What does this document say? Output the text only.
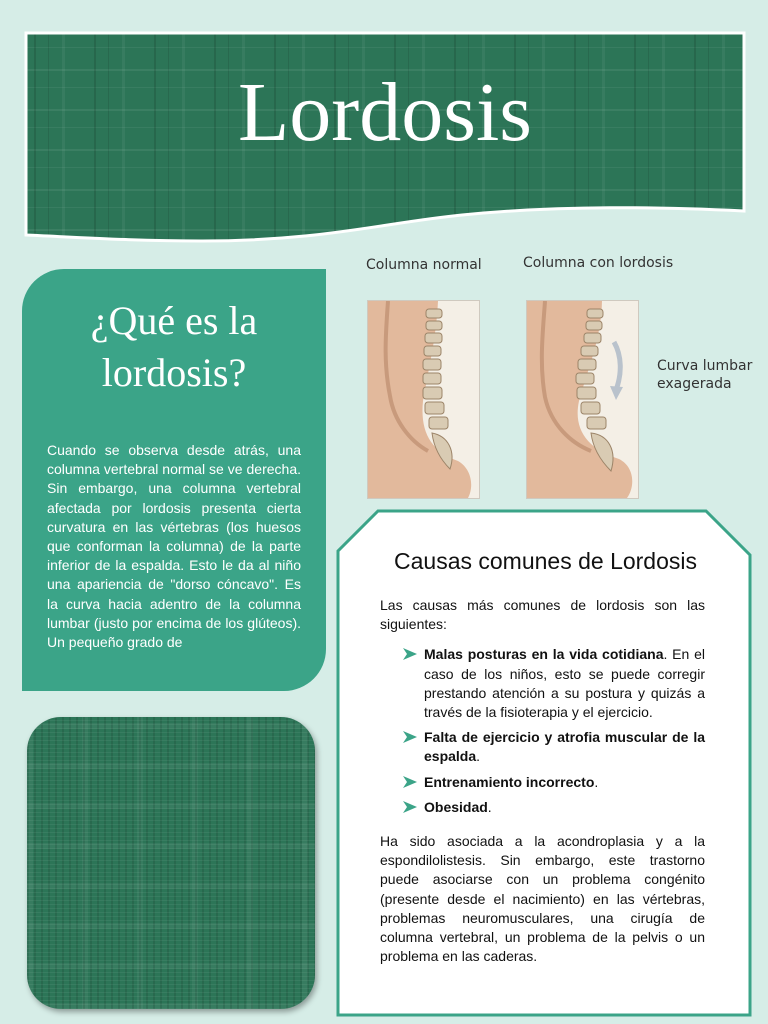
Lordosis
¿Qué es la lordosis?
Cuando se observa desde atrás, una columna vertebral normal se ve derecha. Sin embargo, una columna vertebral afectada por lordosis presenta cierta curvatura en las vértebras (los huesos que conforman la columna) de la parte inferior de la espalda. Esto le da al niño una apariencia de "dorso cóncavo". Es la curva hacia adentro de la columna lumbar (justo por encima de los glúteos). Un pequeño grado de
Columna normal	Columna con lordosis
Curva lumbar exagerada
Causas comunes de Lordosis
Las causas más comunes de lordosis son las siguientes:
Malas posturas en la vida cotidiana. En el caso de los niños, esto se puede corregir prestando atención a su postura y quizás a través de la fisioterapia y el ejercicio.
Falta de ejercicio y atrofia muscular de la espalda.
Entrenamiento incorrecto.
Obesidad.
Ha sido asociada a la acondroplasia y a la espondilolistesis. Sin embargo, este trastorno puede asociarse con un problema congénito (presente desde el nacimiento) en las vértebras, problemas neuromusculares, una cirugía de columna vertebral, un problema de la pelvis o un problema en las caderas.
